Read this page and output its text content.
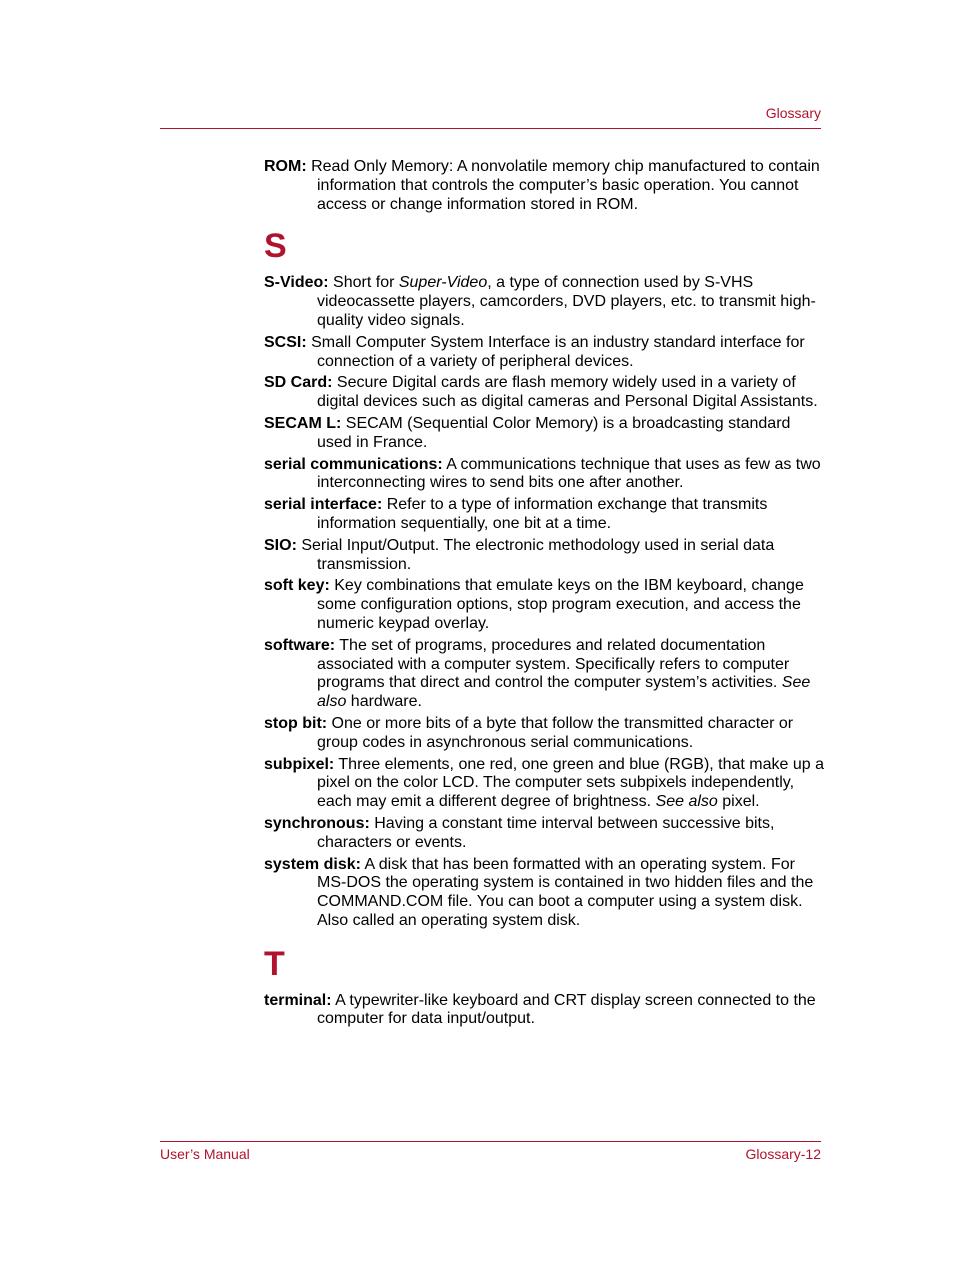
Glossary

ROM: Read Only Memory: A nonvolatile memory chip manufactured to contain information that controls the computer’s basic operation. You cannot access or change information stored in ROM.

S

S-Video: Short for Super-Video, a type of connection used by S-VHS videocassette players, camcorders, DVD players, etc. to transmit high-quality video signals.

SCSI: Small Computer System Interface is an industry standard interface for connection of a variety of peripheral devices.

SD Card: Secure Digital cards are flash memory widely used in a variety of digital devices such as digital cameras and Personal Digital Assistants.

SECAM L: SECAM (Sequential Color Memory) is a broadcasting standard used in France.

serial communications: A communications technique that uses as few as two interconnecting wires to send bits one after another.

serial interface: Refer to a type of information exchange that transmits information sequentially, one bit at a time.

SIO: Serial Input/Output. The electronic methodology used in serial data transmission.

soft key: Key combinations that emulate keys on the IBM keyboard, change some configuration options, stop program execution, and access the numeric keypad overlay.

software: The set of programs, procedures and related documentation associated with a computer system. Specifically refers to computer programs that direct and control the computer system’s activities. See also hardware.

stop bit: One or more bits of a byte that follow the transmitted character or group codes in asynchronous serial communications.

subpixel: Three elements, one red, one green and blue (RGB), that make up a pixel on the color LCD. The computer sets subpixels independently, each may emit a different degree of brightness. See also pixel.

synchronous: Having a constant time interval between successive bits, characters or events.

system disk: A disk that has been formatted with an operating system. For MS-DOS the operating system is contained in two hidden files and the COMMAND.COM file. You can boot a computer using a system disk. Also called an operating system disk.

T

terminal: A typewriter-like keyboard and CRT display screen connected to the computer for data input/output.

User’s Manual	Glossary-12
